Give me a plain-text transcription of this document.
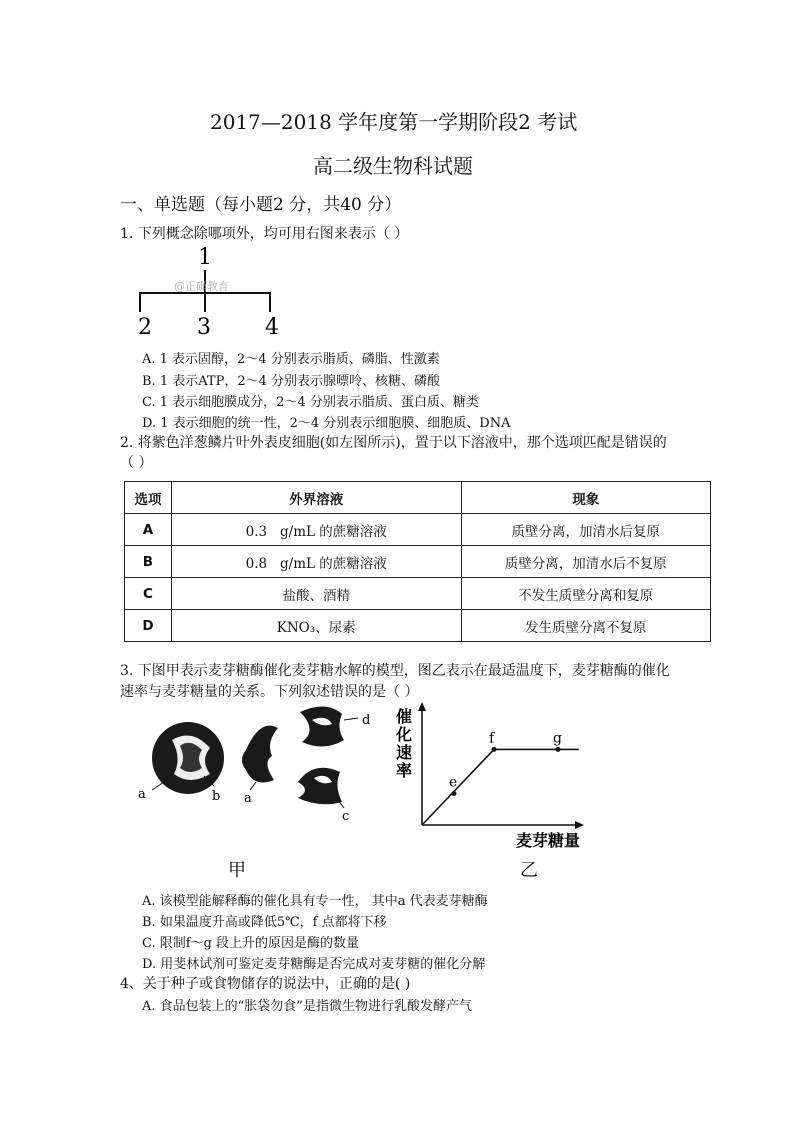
2017—2018 学年度第一学期阶段2 考试
高二级生物科试题
一、单选题（每小题2 分，共40 分）
1. 下列概念除哪项外，均可用右图来表示（ ）
1
@正确教育
2 3 4
A. 1 表示固醇，2～4 分别表示脂质、磷脂、性激素
B. 1 表示ATP，2～4 分别表示腺嘌呤、核糖、磷酸
C. 1 表示细胞膜成分，2～4 分别表示脂质、蛋白质、糖类
D. 1 表示细胞的统一性，2～4 分别表示细胞膜、细胞质、DNA
2. 将紫色洋葱鳞片叶外表皮细胞(如左图所示)，置于以下溶液中，那个选项匹配是错误的
（ ）
选项	外界溶液	现象
A	0.3   g/mL 的蔗糖溶液	质壁分离，加清水后复原
B	0.8   g/mL 的蔗糖溶液	质壁分离，加清水后不复原
C	盐酸、酒精	不发生质壁分离和复原
D	KNO₃、尿素	发生质壁分离不复原
3. 下图甲表示麦芽糖酶催化麦芽糖水解的模型，图乙表示在最适温度下，麦芽糖酶的催化
速率与麦芽糖量的关系。下列叙述错误的是（ ）
a	b a
d
c
甲
催化速率
麦芽糖量
e
f	g
乙
A. 该模型能解释酶的催化具有专一性， 其中a 代表麦芽糖酶
B. 如果温度升高或降低5℃，f 点都将下移
C. 限制f～g 段上升的原因是酶的数量
D. 用斐林试剂可鉴定麦芽糖酶是否完成对麦芽糖的催化分解
4、关于种子或食物储存的说法中，正确的是( )
A. 食品包装上的“胀袋勿食”是指微生物进行乳酸发酵产气
